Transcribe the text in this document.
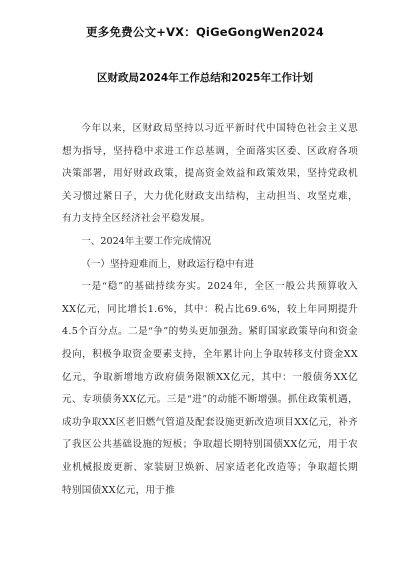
更多免费公文+VX：QiGeGongWen2024
区财政局2024年工作总结和2025年工作计划

今年以来，区财政局坚持以习近平新时代中国特色社会主义思想为指导，坚持稳中求进工作总基调，全面落实区委、区政府各项决策部署，用好财政政策，提高资金效益和政策效果，坚持党政机关习惯过紧日子，大力优化财政支出结构，主动担当、攻坚克难，有力支持全区经济社会平稳发展。

一、2024年主要工作完成情况

（一）坚持迎难而上，财政运行稳中有进

一是“稳”的基础持续夯实。2024年，全区一般公共预算收入XX亿元，同比增长1.6%，其中：税占比69.6%，较上年同期提升4.5个百分点。二是“争”的势头更加强劲。紧盯国家政策导向和资金投向，积极争取资金要素支持，全年累计向上争取转移支付资金XX亿元，争取新增地方政府债务限额XX亿元，其中：一般债务XX亿元、专项债务XX亿元。三是“进”的动能不断增强。抓住政策机遇，成功争取XX区老旧燃气管道及配套设施更新改造项目XX亿元，补齐了我区公共基础设施的短板；争取超长期特别国债XX亿元，用于农业机械报废更新、家装厨卫焕新、居家适老化改造等；争取超长期特别国债XX亿元，用于推
